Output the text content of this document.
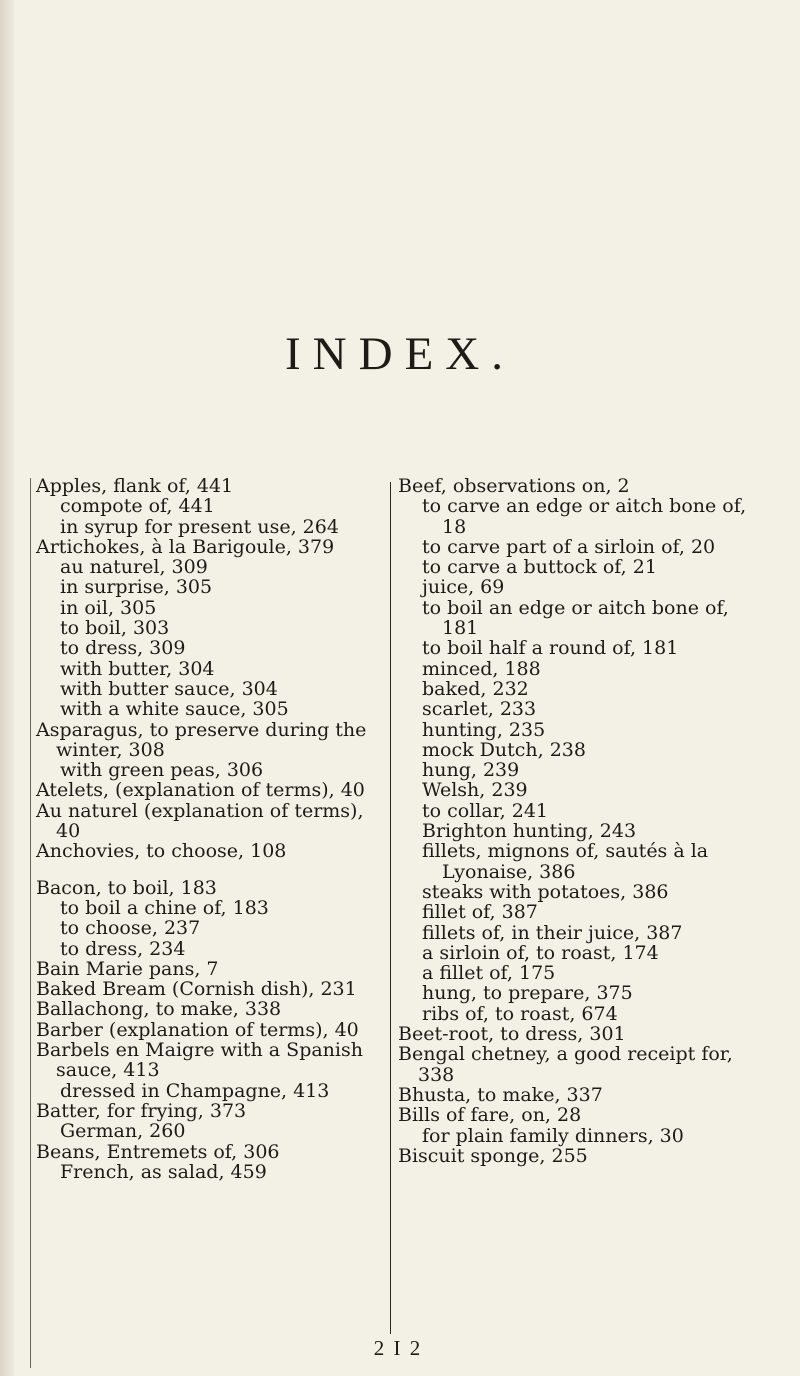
INDEX.
Apples, flank of, 441
compote of, 441
in syrup for present use, 264
Artichokes, à la Barigoule, 379
au naturel, 309
in surprise, 305
in oil, 305
to boil, 303
to dress, 309
with butter, 304
with butter sauce, 304
with a white sauce, 305
Asparagus, to preserve during the winter, 308
with green peas, 306
Atelets, (explanation of terms), 40
Au naturel (explanation of terms), 40
Anchovies, to choose, 108
Bacon, to boil, 183
to boil a chine of, 183
to choose, 237
to dress, 234
Bain Marie pans, 7
Baked Bream (Cornish dish), 231
Ballachong, to make, 338
Barber (explanation of terms), 40
Barbels en Maigre with a Spanish sauce, 413
dressed in Champagne, 413
Batter, for frying, 373
German, 260
Beans, Entremets of, 306
French, as salad, 459
Beef, observations on, 2
to carve an edge or aitch bone of, 18
to carve part of a sirloin of, 20
to carve a buttock of, 21
juice, 69
to boil an edge or aitch bone of, 181
to boil half a round of, 181
minced, 188
baked, 232
scarlet, 233
hunting, 235
mock Dutch, 238
hung, 239
Welsh, 239
to collar, 241
Brighton hunting, 243
fillets, mignons of, sautés à la Lyonaise, 386
steaks with potatoes, 386
fillet of, 387
fillets of, in their juice, 387
a sirloin of, to roast, 174
a fillet of, 175
hung, to prepare, 375
ribs of, to roast, 674
Beet-root, to dress, 301
Bengal chetney, a good receipt for, 338
Bhusta, to make, 337
Bills of fare, on, 28
for plain family dinners, 30
Biscuit sponge, 255
2 I 2
